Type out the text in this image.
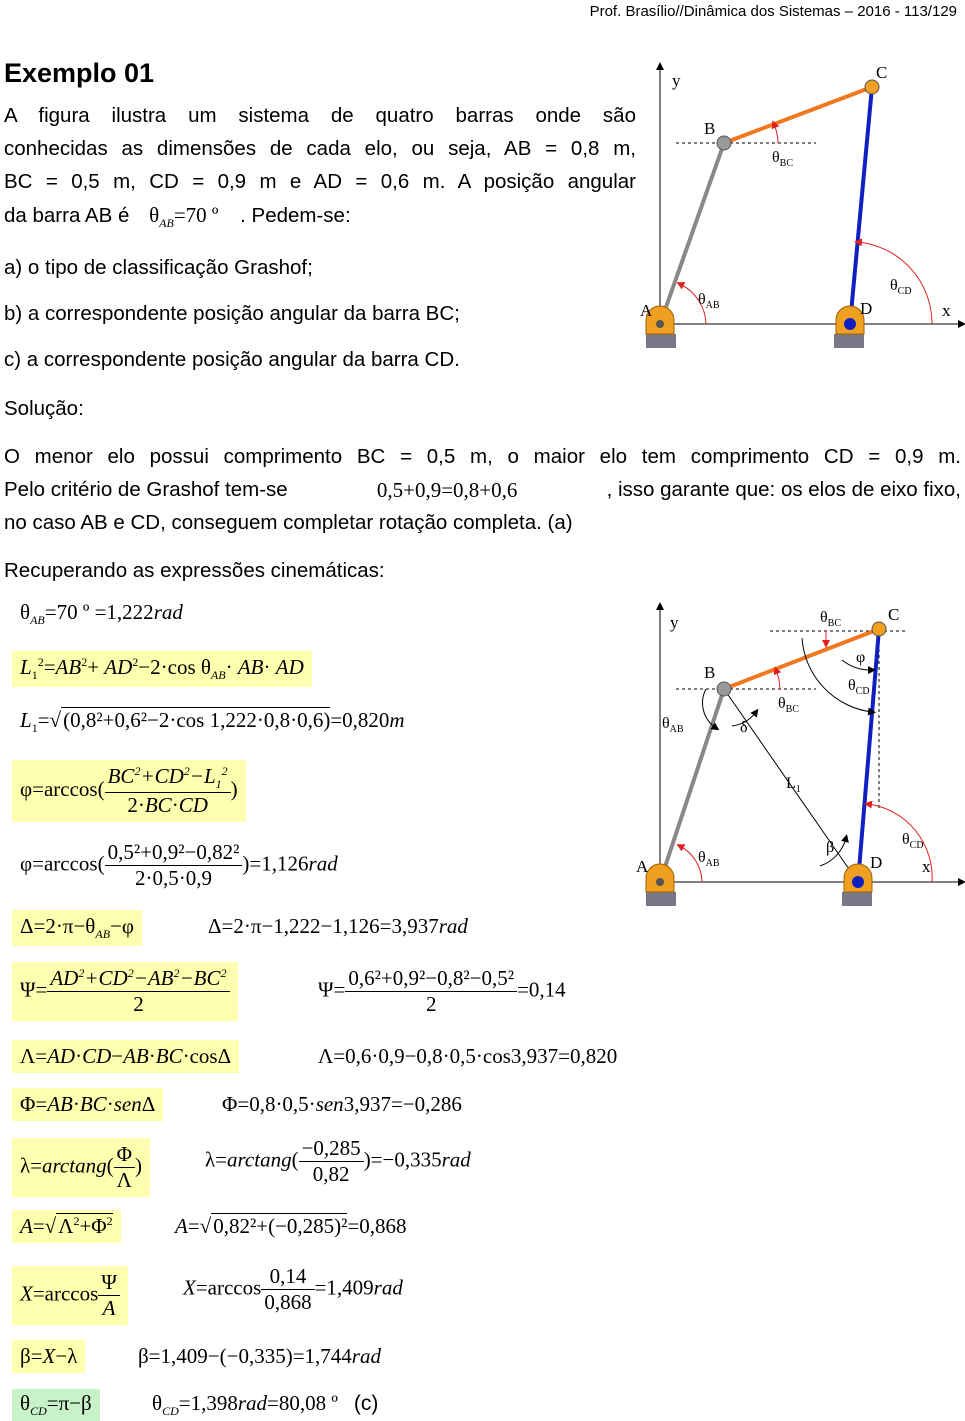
Prof. Brasílio//Dinâmica dos Sistemas – 2016 - 113/129
Exemplo 01
A figura ilustra um sistema de quatro barras onde são
conhecidas as dimensões de cada elo, ou seja, AB = 0,8 m,
BC = 0,5 m, CD = 0,9 m e AD = 0,6 m. A posição angular
da barra AB é $\theta_{AB}=70$ º . Pedem-se:
a) o tipo de classificação Grashof;
b) a correspondente posição angular da barra BC;
c) a correspondente posição angular da barra CD.
Solução:
O menor elo possui comprimento BC = 0,5 m, o maior elo tem comprimento CD = 0,9 m.
Pelo critério de Grashof tem-se	0,5+0,9=0,8+0,6	, isso garante que: os elos de eixo fixo,
no caso AB e CD, conseguem completar rotação completa. (a)
Recuperando as expressões cinemáticas:
$\theta_{AB}=70$ º =1,222rad
$L_1^2=AB^2+ AD^2-2\cdot\cos$ $\theta_{AB}\cdot AB\cdot$ AD
$L_1=√(0,8^2+0,6^2-2\cdot\cos$ 1,222·0,8·0,6)=0,820m
$\varphi=\arccos( \frac{BC^2+CD^2-L_1^2}{2\cdot BC\cdot CD}$ )
$\varphi=\arccos( \frac{\text{0,5²+0,9²−0,82²}}{2\cdot 0,5\cdot 0,9} )=1,126rad$
$\Delta=2\cdot\pi-\theta_{AB}-\varphi$	Δ=2·π−1,222−1,126=3,937rad
$\Psi= \frac{AD^2+CD^2-AB^2-BC^2}{2}$	$\Psi= \frac{\text{0,6²+0,9²−0,8²−0,5²}}{2} =0,14$
Λ=AD·CD−AB·BC·cosΔ	Λ=0,6·0,9−0,8·0,5·cos3,937=0,820
Φ=AB·BC·senΔ	Φ=0,8·0,5·sen3,937=−0,286
$\lambda=\arctan g( \frac{\Phi}{\Lambda}$ )	$\lambda=\arctan g( \frac{-0,285}{0,82} )=-0,335rad$
$A=√\Lambda^2+\Phi^2$	A=√0,82²+(−0,285)²=0,868
$X=\arccos \frac{\Psi}{A}$	$X=\arccos \frac{0,14}{0,868} =1,409rad$
β=X−λ	β=1,409−(−0,335)=1,744rad
$\theta_{CD}=\pi-\beta$	$\theta_{CD}=1,398rad=80,08$ º (c)
y
x
A
B
C
D
$\theta_{AB}$
$\theta_{BC}$
$\theta_{CD}$
y
x
A
B
C
D
φ
δ
β
$L_1$
$\theta_{BC}$
$\theta_{CD}$
$\theta_{BC}$
$\theta_{AB}$
$\theta_{AB}$
$\theta_{CD}$
